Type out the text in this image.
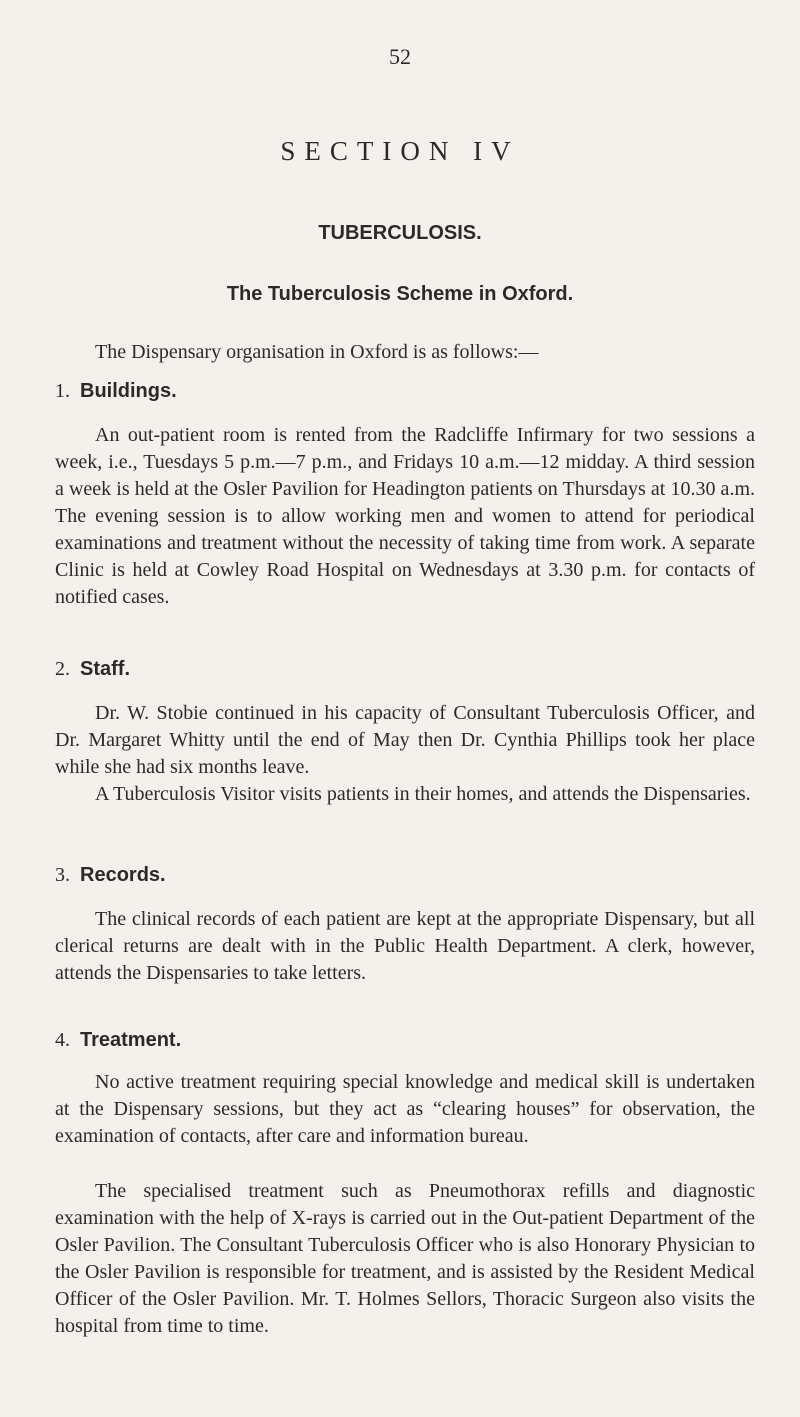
52
SECTION IV
TUBERCULOSIS.
The Tuberculosis Scheme in Oxford.

The Dispensary organisation in Oxford is as follows:—

1. Buildings.

An out-patient room is rented from the Radcliffe Infirmary for two sessions a week, i.e., Tuesdays 5 p.m.—7 p.m., and Fridays 10 a.m.—12 midday. A third session a week is held at the Osler Pavilion for Headington patients on Thursdays at 10.30 a.m. The evening session is to allow working men and women to attend for periodical examinations and treatment without the necessity of taking time from work. A separate Clinic is held at Cowley Road Hospital on Wednesdays at 3.30 p.m. for contacts of notified cases.

2. Staff.

Dr. W. Stobie continued in his capacity of Consultant Tuberculosis Officer, and Dr. Margaret Whitty until the end of May then Dr. Cynthia Phillips took her place while she had six months leave.

A Tuberculosis Visitor visits patients in their homes, and attends the Dispensaries.

3. Records.

The clinical records of each patient are kept at the appropriate Dispensary, but all clerical returns are dealt with in the Public Health Department. A clerk, however, attends the Dispensaries to take letters.

4. Treatment.

No active treatment requiring special knowledge and medical skill is undertaken at the Dispensary sessions, but they act as “clearing houses” for observation, the examination of contacts, after care and information bureau.

The specialised treatment such as Pneumothorax refills and diagnostic examination with the help of X-rays is carried out in the Out-patient Department of the Osler Pavilion. The Consultant Tuberculosis Officer who is also Honorary Physician to the Osler Pavilion is responsible for treatment, and is assisted by the Resident Medical Officer of the Osler Pavilion. Mr. T. Holmes Sellors, Thoracic Surgeon also visits the hospital from time to time.
